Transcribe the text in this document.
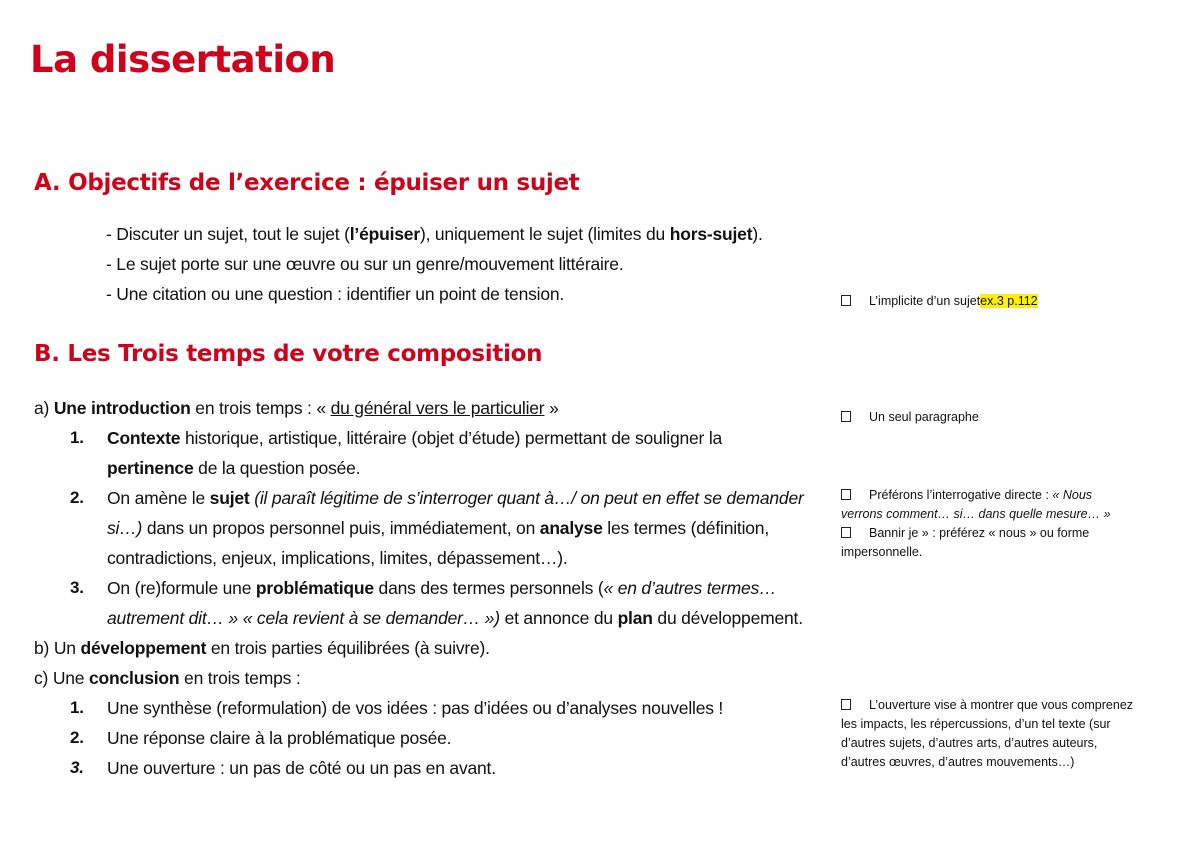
La dissertation
A. Objectifs de l’exercice : épuiser un sujet
- Discuter un sujet, tout le sujet (l’épuiser), uniquement le sujet (limites du hors-sujet).
- Le sujet porte sur une œuvre ou sur un genre/mouvement littéraire.
- Une citation ou une question : identifier un point de tension.
B. Les Trois temps de votre composition
a) Une introduction en trois temps : « du général vers le particulier »
1. Contexte historique, artistique, littéraire (objet d’étude) permettant de souligner la
pertinence de la question posée.
2. On amène le sujet (il paraît légitime de s’interroger quant à…/ on peut en effet se demander
si…) dans un propos personnel puis, immédiatement, on analyse les termes (définition,
contradictions, enjeux, implications, limites, dépassement…).
3. On (re)formule une problématique dans des termes personnels (« en d’autres termes…
autrement dit… » « cela revient à se demander… ») et annonce du plan du développement.
b) Un développement en trois parties équilibrées (à suivre).
c) Une conclusion en trois temps :
1. Une synthèse (reformulation) de vos idées : pas d’idées ou d’analyses nouvelles !
2. Une réponse claire à la problématique posée.
3. Une ouverture : un pas de côté ou un pas en avant.
L’implicite d’un sujetex.3 p.112
Un seul paragraphe
Préférons l’interrogative directe : « Nous
verrons comment… si… dans quelle mesure… »
Bannir je » : préférez « nous » ou forme
impersonnelle.
L’ouverture vise à montrer que vous comprenez
les impacts, les répercussions, d’un tel texte (sur
d’autres sujets, d’autres arts, d’autres auteurs,
d’autres œuvres, d’autres mouvements…)
